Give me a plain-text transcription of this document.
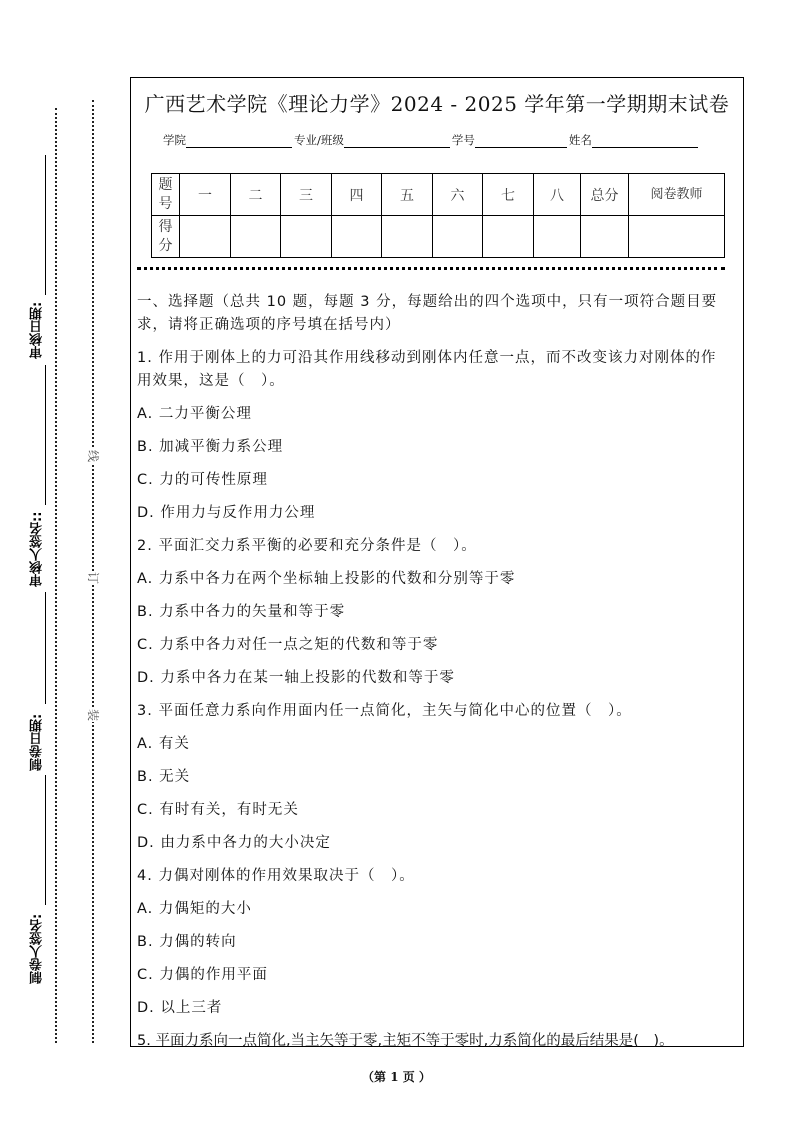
线
订
装
审核日期:
审核人签名::
制卷日期:
制卷人签名:
广西艺术学院《理论力学》2024 - 2025 学年第一学期期末试卷
学院	专业/班级	学号	姓名
题号	一	二	三	四	五	六	七	八	总分	阅卷教师
得分										

一、选择题（总共 10 题，每题 3 分，每题给出的四个选项中，只有一项符合题目要

求，请将正确选项的序号填在括号内）

1. 作用于刚体上的力可沿其作用线移动到刚体内任意一点，而不改变该力对刚体的作

用效果，这是（　）。

A. 二力平衡公理
B. 加减平衡力系公理
C. 力的可传性原理
D. 作用力与反作用力公理
2. 平面汇交力系平衡的必要和充分条件是（　）。
A. 力系中各力在两个坐标轴上投影的代数和分别等于零
B. 力系中各力的矢量和等于零
C. 力系中各力对任一点之矩的代数和等于零
D. 力系中各力在某一轴上投影的代数和等于零
3. 平面任意力系向作用面内任一点简化，主矢与简化中心的位置（　）。
A. 有关
B. 无关
C. 有时有关，有时无关
D. 由力系中各力的大小决定
4. 力偶对刚体的作用效果取决于（　）。
A. 力偶矩的大小
B. 力偶的转向
C. 力偶的作用平面
D. 以上三者
5. 平面力系向一点简化,当主矢等于零,主矩不等于零时,力系简化的最后结果是(　)。
（第 1 页 ）
